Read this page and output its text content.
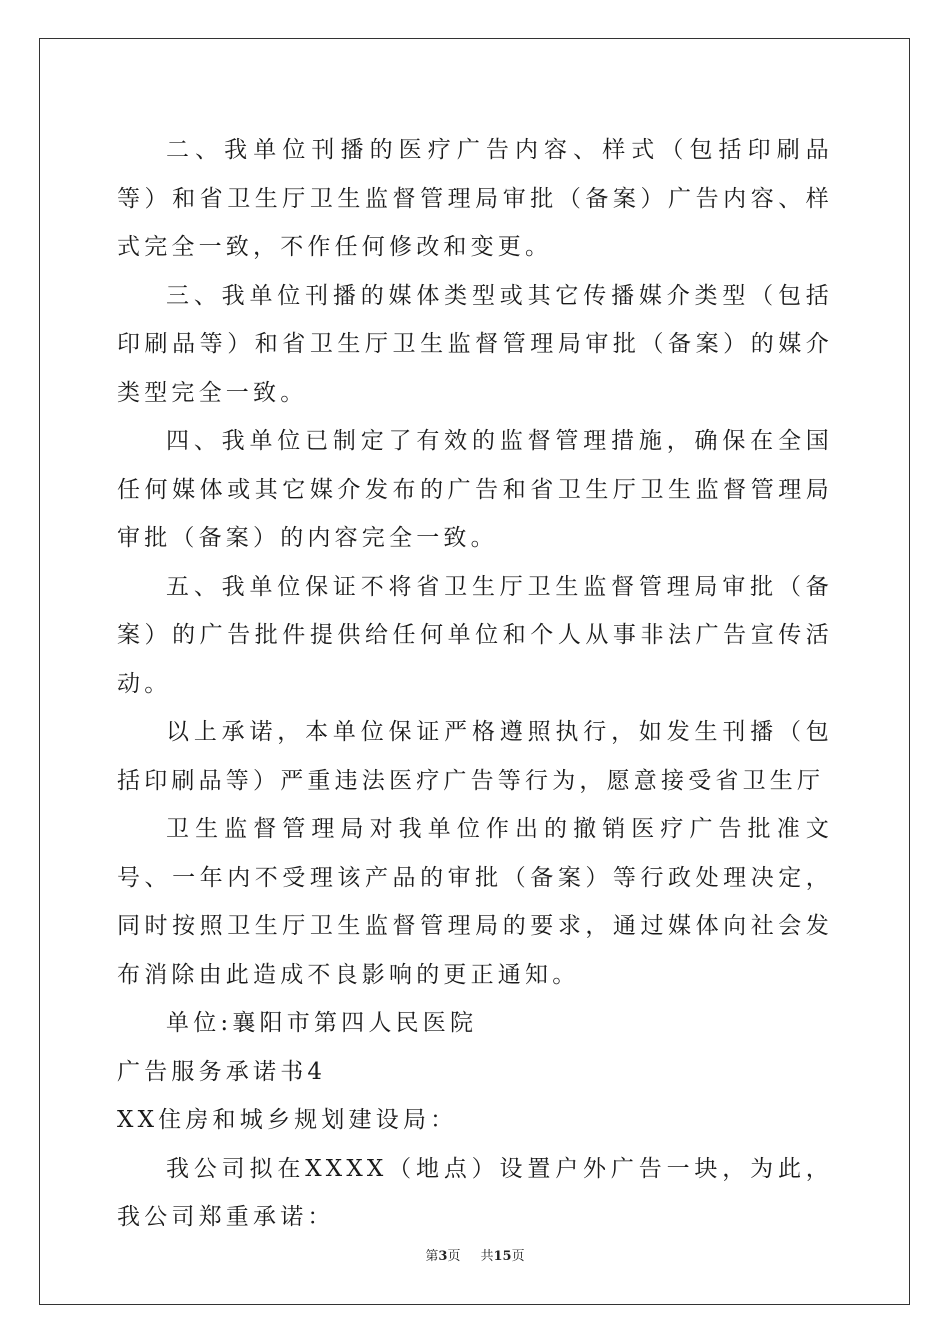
二、我单位刊播的医疗广告内容、样式（包括印刷品等）和省卫生厅卫生监督管理局审批（备案）广告内容、样式完全一致，不作任何修改和变更。

三、我单位刊播的媒体类型或其它传播媒介类型（包括印刷品等）和省卫生厅卫生监督管理局审批（备案）的媒介类型完全一致。

四、我单位已制定了有效的监督管理措施，确保在全国任何媒体或其它媒介发布的广告和省卫生厅卫生监督管理局审批（备案）的内容完全一致。

五、我单位保证不将省卫生厅卫生监督管理局审批（备案）的广告批件提供给任何单位和个人从事非法广告宣传活动。

以上承诺，本单位保证严格遵照执行，如发生刊播（包括印刷品等）严重违法医疗广告等行为，愿意接受省卫生厅

卫生监督管理局对我单位作出的撤销医疗广告批准文号、一年内不受理该产品的审批（备案）等行政处理决定，同时按照卫生厅卫生监督管理局的要求，通过媒体向社会发布消除由此造成不良影响的更正通知。

单位:襄阳市第四人民医院

广告服务承诺书4

XX住房和城乡规划建设局：

我公司拟在XXXX（地点）设置户外广告一块，为此，我公司郑重承诺：

第3页 共15页
